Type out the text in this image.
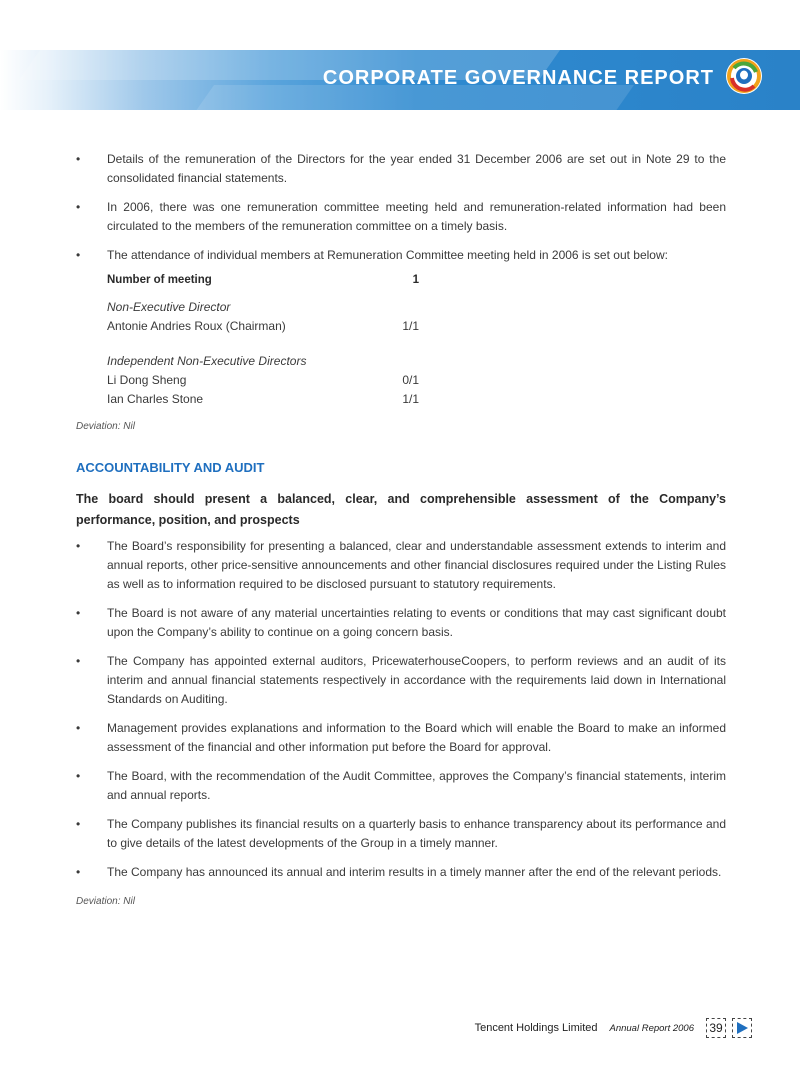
CORPORATE GOVERNANCE REPORT
• Details of the remuneration of the Directors for the year ended 31 December 2006 are set out in Note 29 to the consolidated financial statements.
• In 2006, there was one remuneration committee meeting held and remuneration-related information had been circulated to the members of the remuneration committee on a timely basis.
• The attendance of individual members at Remuneration Committee meeting held in 2006 is set out below:
Number of meeting	1
Non-Executive Director
Antonie Andries Roux (Chairman)	1/1
Independent Non-Executive Directors
Li Dong Sheng	0/1
Ian Charles Stone	1/1
Deviation: Nil
ACCOUNTABILITY AND AUDIT
The board should present a balanced, clear, and comprehensible assessment of the Company’s performance, position, and prospects
• The Board’s responsibility for presenting a balanced, clear and understandable assessment extends to interim and annual reports, other price-sensitive announcements and other financial disclosures required under the Listing Rules as well as to information required to be disclosed pursuant to statutory requirements.
• The Board is not aware of any material uncertainties relating to events or conditions that may cast significant doubt upon the Company’s ability to continue on a going concern basis.
• The Company has appointed external auditors, PricewaterhouseCoopers, to perform reviews and an audit of its interim and annual financial statements respectively in accordance with the requirements laid down in International Standards on Auditing.
• Management provides explanations and information to the Board which will enable the Board to make an informed assessment of the financial and other information put before the Board for approval.
• The Board, with the recommendation of the Audit Committee, approves the Company’s financial statements, interim and annual reports.
• The Company publishes its financial results on a quarterly basis to enhance transparency about its performance and to give details of the latest developments of the Group in a timely manner.
• The Company has announced its annual and interim results in a timely manner after the end of the relevant periods.
Deviation: Nil
Tencent Holdings Limited Annual Report 2006 39
